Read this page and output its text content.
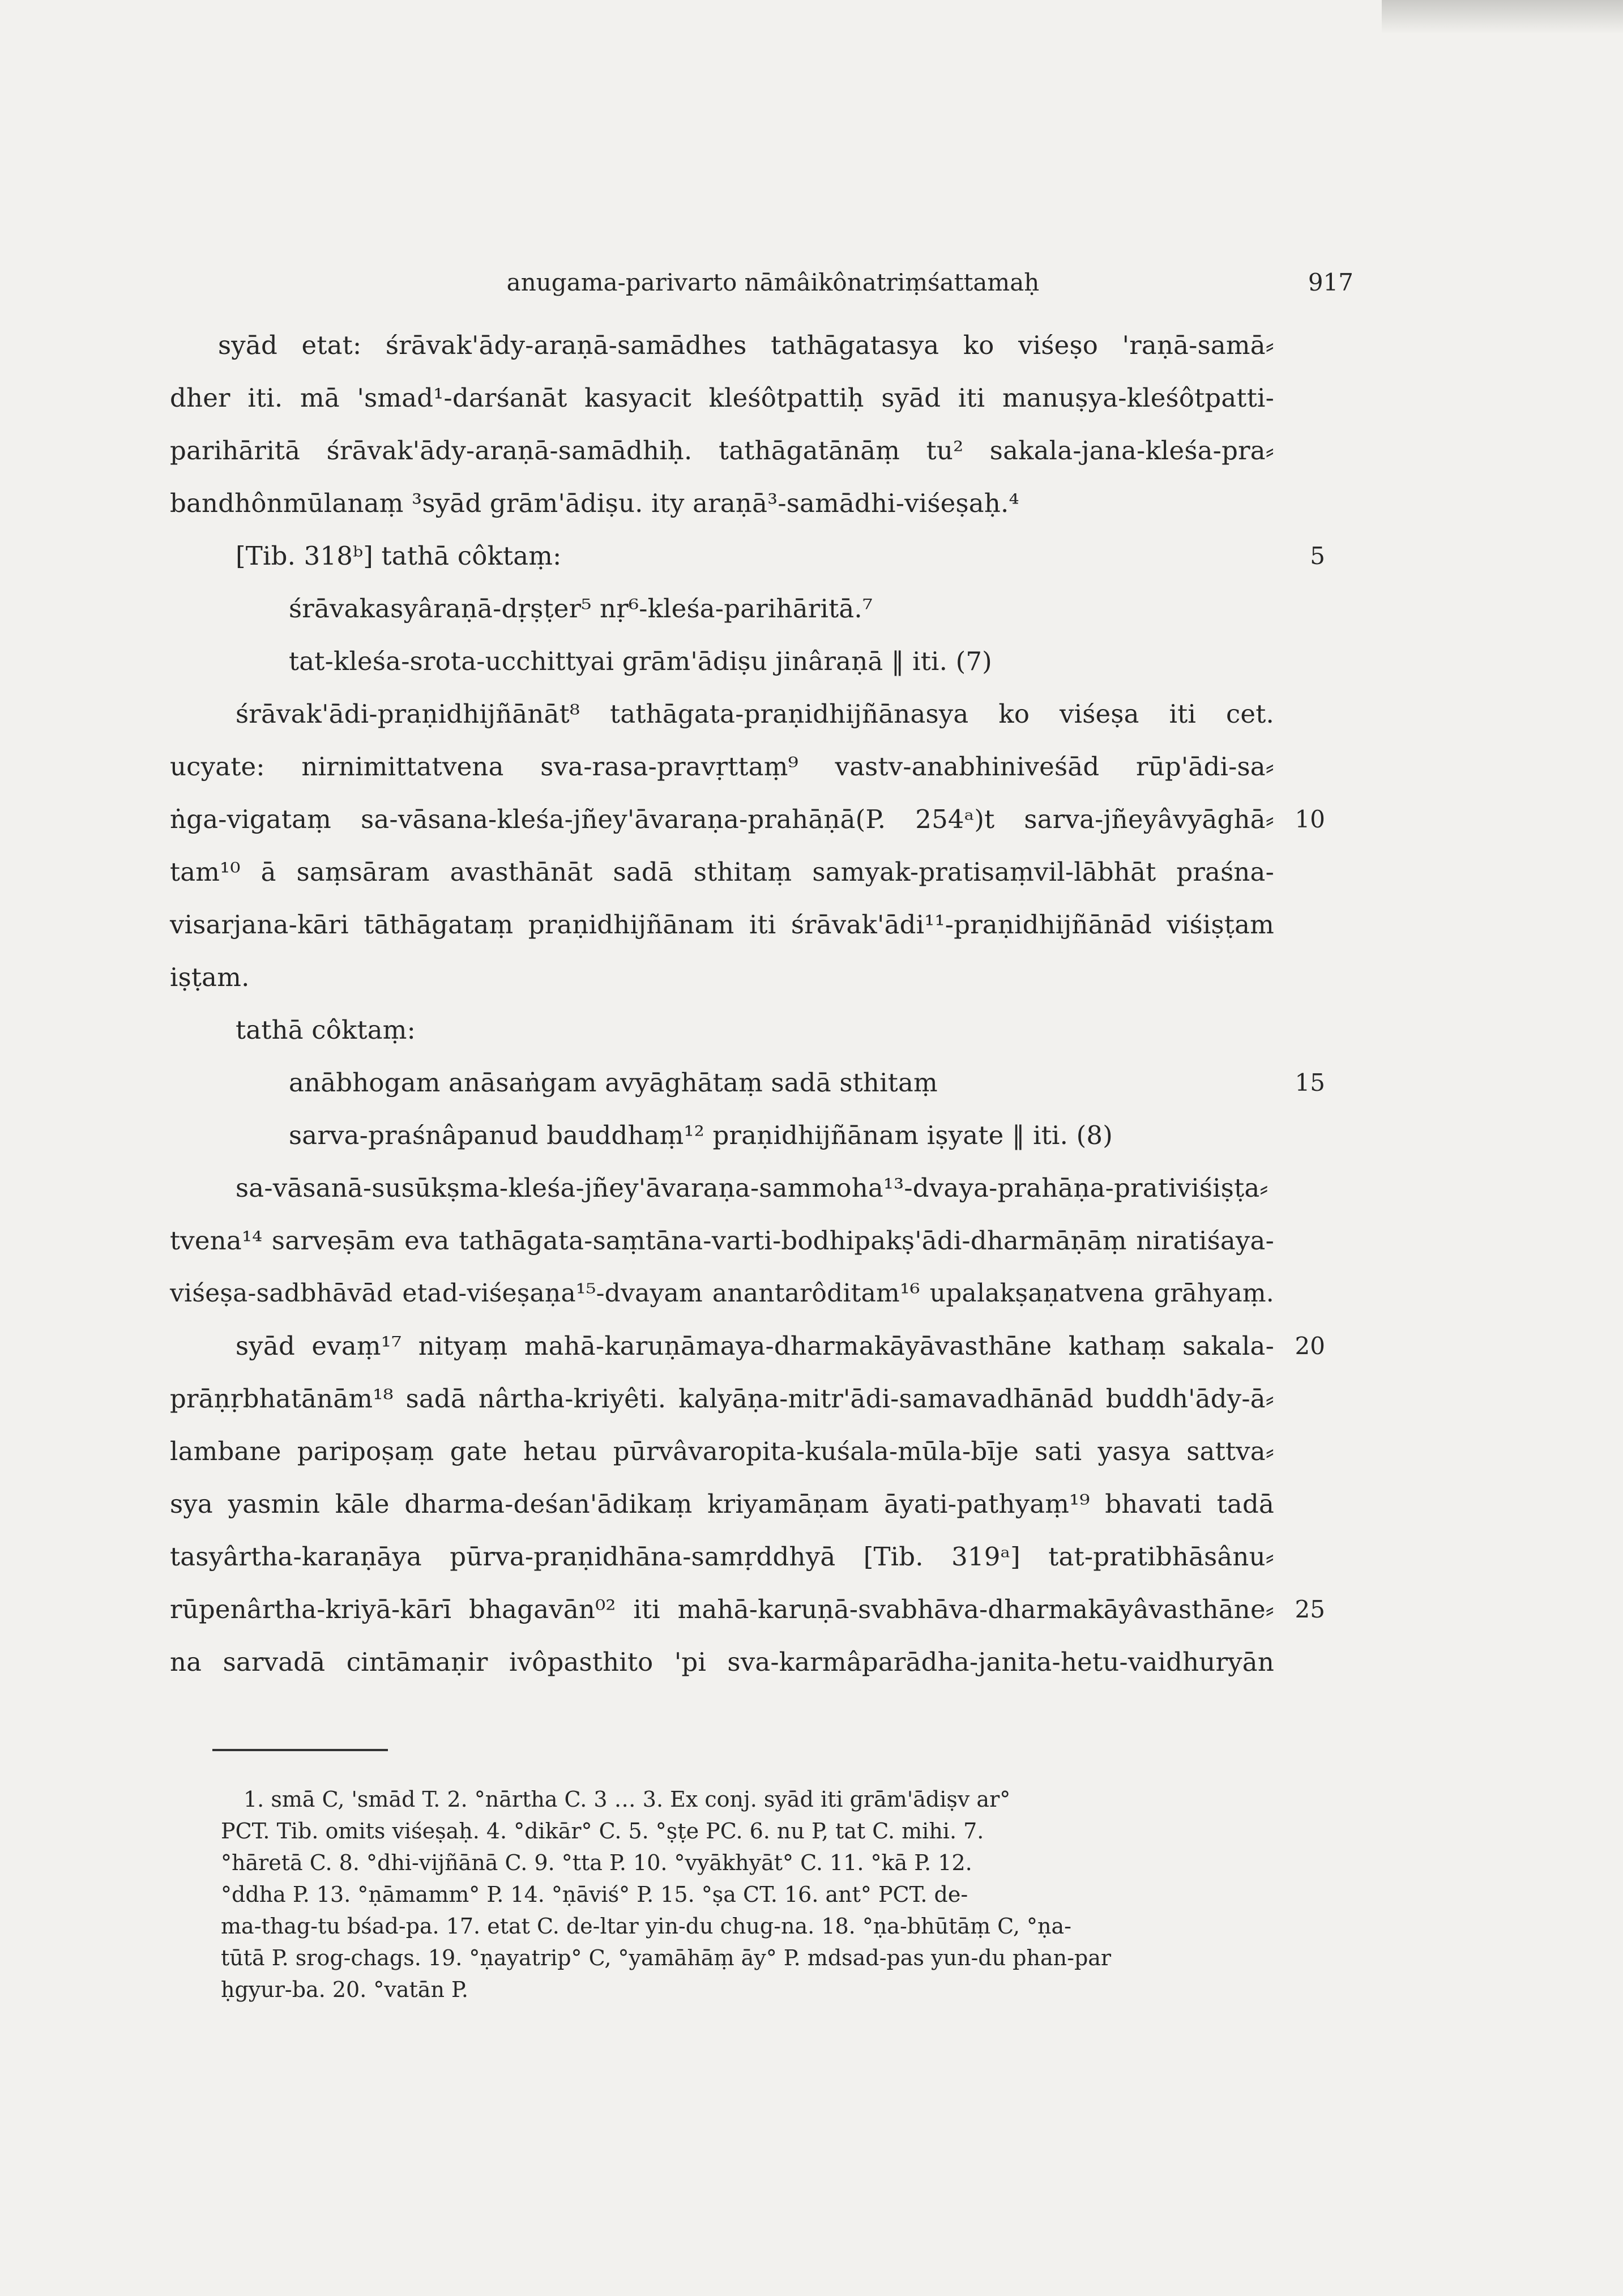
anugama-parivarto nāmâikônatriṃśattamaḥ	917
syād etat: śrāvak'ādy-araṇā-samādhes tathāgatasya ko viśeṣo 'raṇā-samā⸗
dher iti. mā 'smad¹-darśanāt kasyacit kleśôtpattiḥ syād iti manuṣya-kleśôtpatti-
parihāritā śrāvak'ādy-araṇā-samādhiḥ. tathāgatānāṃ tu² sakala-jana-kleśa-pra⸗
bandhônmūlanaṃ ³syād grām'ādiṣu. ity araṇā³-samādhi-viśeṣaḥ.⁴
[Tib. 318ᵇ] tathā côktaṃ:	5
śrāvakasyâraṇā-dṛṣṭer⁵ nṛ⁶-kleśa-parihāritā.⁷
tat-kleśa-srota-ucchittyai grām'ādiṣu jinâraṇā ‖ iti. (7)
śrāvak'ādi-praṇidhijñānāt⁸ tathāgata-praṇidhijñānasya ko viśeṣa iti cet.
ucyate: nirnimittatvena sva-rasa-pravṛttaṃ⁹ vastv-anabhiniveśād rūp'ādi-sa⸗
ṅga-vigataṃ sa-vāsana-kleśa-jñey'āvaraṇa-prahāṇā(P. 254ᵃ)t sarva-jñeyâvyāghā⸗ 10
tam¹⁰ ā saṃsāram avasthānāt sadā sthitaṃ samyak-pratisaṃvil-lābhāt praśna-
visarjana-kāri tāthāgataṃ praṇidhijñānam iti śrāvak'ādi¹¹-praṇidhijñānād viśiṣṭam
iṣṭam.
tathā côktaṃ:
anābhogam anāsaṅgam avyāghātaṃ sadā sthitaṃ	15
sarva-praśnâpanud bauddhaṃ¹² praṇidhijñānam iṣyate ‖ iti. (8)
sa-vāsanā-susūkṣma-kleśa-jñey'āvaraṇa-sammoha¹³-dvaya-prahāṇa-prativiśiṣṭa⸗
tvena¹⁴ sarveṣām eva tathāgata-saṃtāna-varti-bodhipakṣ'ādi-dharmāṇāṃ niratiśaya-
viśeṣa-sadbhāvād etad-viśeṣaṇa¹⁵-dvayam anantarôditam¹⁶ upalakṣaṇatvena grāhyaṃ.
syād evaṃ¹⁷ nityaṃ mahā-karuṇāmaya-dharmakāyāvasthāne kathaṃ sakala- 20
prāṇṛbhatānām¹⁸ sadā nârtha-kriyêti. kalyāṇa-mitr'ādi-samavadhānād buddh'ādy-ā⸗
lambane paripoṣaṃ gate hetau pūrvâvaropita-kuśala-mūla-bīje sati yasya sattva⸗
sya yasmin kāle dharma-deśan'ādikaṃ kriyamāṇam āyati-pathyaṃ¹⁹ bhavati tadā
tasyârtha-karaṇāya pūrva-praṇidhāna-samṛddhyā [Tib. 319ᵃ] tat-pratibhāsânu⸗
rūpenârtha-kriyā-kārī bhagavān⁰² iti mahā-karuṇā-svabhāva-dharmakāyâvasthāne⸗ 25
na sarvadā cintāmaṇir ivôpasthito 'pi sva-karmâparādha-janita-hetu-vaidhuryān
1. smā C, 'smād T. 2. °nārtha C. 3 … 3. Ex conj. syād iti grām'ādiṣv ar°
PCT. Tib. omits viśeṣaḥ. 4. °dikār° C. 5. °ṣṭe PC. 6. nu P, tat C. mihi. 7.
°hāretā C. 8. °dhi-vijñānā C. 9. °tta P. 10. °vyākhyāt° C. 11. °kā P. 12.
°ddha P. 13. °ṇāmamm° P. 14. °ṇāviś° P. 15. °ṣa CT. 16. ant° PCT. de-
ma-thag-tu bśad-pa. 17. etat C. de-ltar yin-du chug-na. 18. °ṇa-bhūtāṃ C, °ṇa-
tūtā P. srog-chags. 19. °ṇayatrip° C, °yamāhāṃ āy° P. mdsad-pas yun-du phan-par
ḥgyur-ba. 20. °vatān P.
